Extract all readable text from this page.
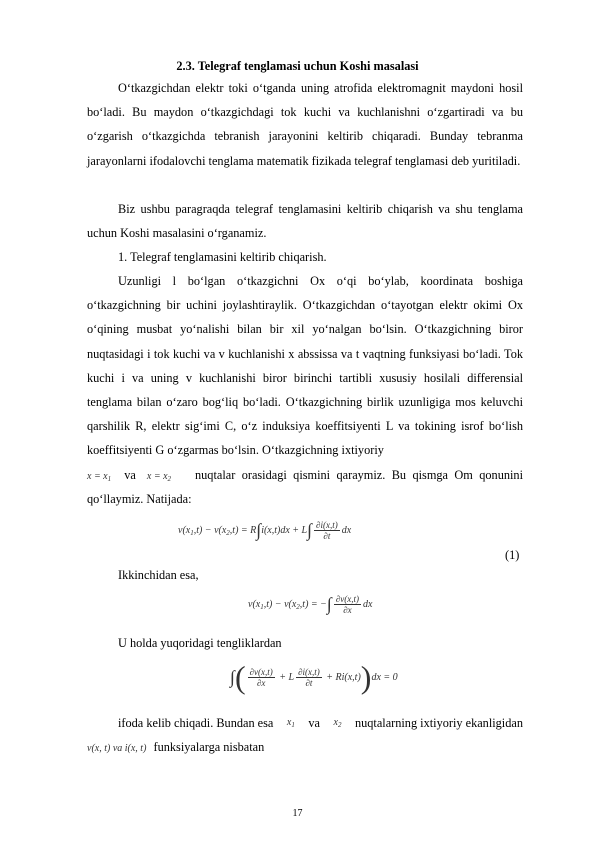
2.3. Telegraf tenglamasi uchun Koshi masalasi

O‘tkazgichdan elektr toki o‘tganda uning atrofida elektromagnit maydoni hosil bo‘ladi. Bu maydon o‘tkazgichdagi tok kuchi va kuchlanishni o‘zgartiradi va bu o‘zgarish o‘tkazgichda tebranish jarayonini keltirib chiqaradi. Bunday tebranma jarayonlarni ifodalovchi tenglama matematik fizikada telegraf tenglamasi deb yuritiladi.

Biz ushbu paragraqda telegraf tenglamasini keltirib chiqarish va shu tenglama uchun Koshi masalasini o‘rganamiz.

1. Telegraf tenglamasini keltirib chiqarish.

Uzunligi l bo‘lgan o‘tkazgichni Ox o‘qi bo‘ylab, koordinata boshiga o‘tkazgichning bir uchini joylashtiraylik. O‘tkazgichdan o‘tayotgan elektr okimi Ox o‘qining musbat yo‘nalishi bilan bir xil yo‘nalgan bo‘lsin. O‘tkazgichning biror nuqtasidagi i tok kuchi va v kuchlanishi x abssissa va t vaqtning funksiyasi bo‘ladi. Tok kuchi i va uning v kuchlanishi biror birinchi tartibli xususiy hosilali differensial tenglama bilan o‘zaro bog‘liq bo‘ladi. O‘tkazgichning birlik uzunligiga mos keluvchi qarshilik R, elektr sig‘imi C, o‘z induksiya koeffitsiyenti L va tokining isrof bo‘lish koeffitsiyenti G o‘zgarmas bo‘lsin. O‘tkazgichning ixtiyoriy

$x = x_1$ va $x = x_2$	nuqtalar orasidagi qismini qaraymiz. Bu qismga Om qonunini

qo‘llaymiz. Natijada:

$v(x_1,t) - v(x_2,t) = R\int i(x,t)dx + L\int \frac{\partial i(x,t)}{\partial t}$ dx
(1)

Ikkinchidan esa,

$v(x_1,t) - v(x_2,t)$ = −∫ $\frac{\partial v(x,t)}{\partial x}$ dx

U holda yuqoridagi tengliklardan

∫( $\frac{\partial v(x,t)}{\partial x} + L \frac{\partial i(x,t)}{\partial t} + Ri(x,t))dx = 0$
ifoda kelib chiqadi. Bundan esa $x_1$ va $x_2$ nuqtalarning ixtiyoriy ekanligidan
v(x, t) va i(x, t) funksiyalarga nisbatan
17
